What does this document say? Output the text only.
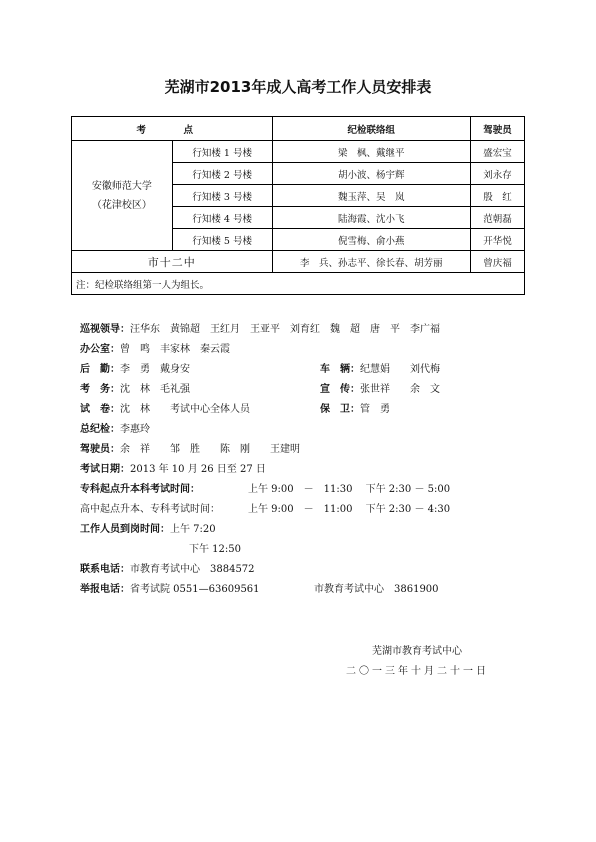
芜湖市2013年成人高考工作人员安排表
考　点		纪检联络组	驾驶员

安徽师范大学
（花津校区）	行知楼 1 号楼	梁　枫、戴继平	盛宏宝
	行知楼 2 号楼	胡小波、杨宇辉	刘永存
	行知楼 3 号楼	魏玉萍、吴　岚	殷　红
	行知楼 4 号楼	陆海霞、沈小飞	范朝磊
	行知楼 5 号楼	倪雪梅、俞小燕	开华悦
市十二中		李　兵、孙志平、徐长春、胡芳丽	曾庆福
注：纪检联络组第一人为组长。			
巡视领导：汪华东　黄锦超　王红月　王亚平　刘育红　魏　超　唐　平　李广福
办公室：曾　鸣　丰家林　秦云霞
后　勤：李　勇　戴身安	车　辆：纪慧娟　　刘代梅
考　务：沈　林　毛礼强	宣　传：张世祥　　余　文
试　卷：沈　林　　考试中心全体人员	保　卫：管　勇
总纪检：李惠玲
驾驶员：余　祥　　邹　胜　　陈　刚　　王建明
考试日期：2013 年 10 月 26 日至 27 日
专科起点升本科考试时间：	上午 9:00　－　11:30　 下午 2:30 － 5:00
高中起点升本、专科考试时间：	上午 9:00　－　11:00　 下午 2:30 － 4:30
工作人员到岗时间：上午 7:20
下午 12:50
联系电话：市教育考试中心　3884572
举报电话：省考试院 0551—63609561	市教育考试中心　3861900
芜湖市教育考试中心
二〇一三年十月二十一日
